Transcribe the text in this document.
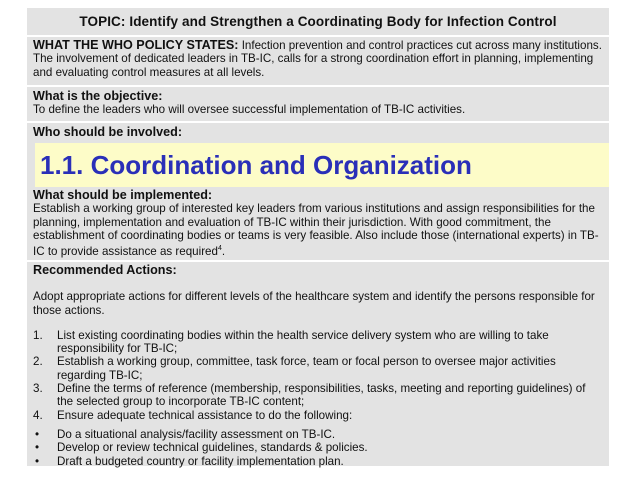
TOPIC: Identify and Strengthen a Coordinating Body for Infection Control
WHAT THE WHO POLICY STATES: Infection prevention and control practices cut across many institutions. The involvement of dedicated leaders in TB-IC, calls for a strong coordination effort in planning, implementing and evaluating control measures at all levels.
What is the objective:
To define the leaders who will oversee successful implementation of TB-IC activities.
Who should be involved:
What should be implemented:
Establish a working group of interested key leaders from various institutions and assign responsibilities for the planning, implementation and evaluation of TB-IC within their jurisdiction. With good commitment, the establishment of coordinating bodies or teams is very feasible. Also include those (international experts) in TB-IC to provide assistance as required$^4$.
Recommended Actions:
Adopt appropriate actions for different levels of the healthcare system and identify the persons responsible for those actions.
1. List existing coordinating bodies within the health service delivery system who are willing to take responsibility for TB-IC;
2. Establish a working group, committee, task force, team or focal person to oversee major activities regarding TB-IC;
3. Define the terms of reference (membership, responsibilities, tasks, meeting and reporting guidelines) of the selected group to incorporate TB-IC content;
4. Ensure adequate technical assistance to do the following:
• Do a situational analysis/facility assessment on TB-IC.
• Develop or review technical guidelines, standards & policies.
• Draft a budgeted country or facility implementation plan.
1.1. Coordination and Organization
